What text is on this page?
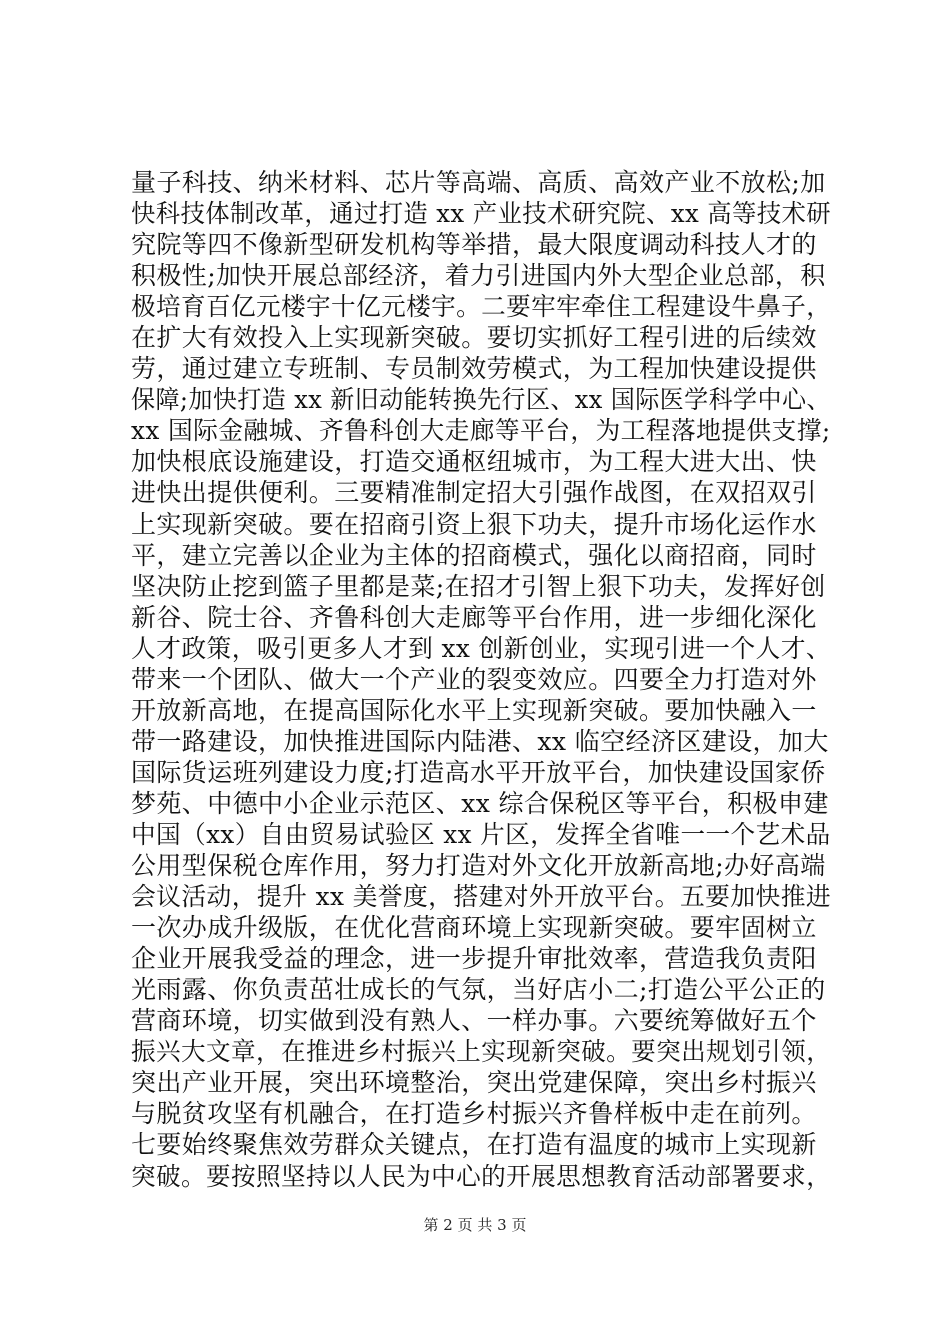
量子科技、纳米材料、芯片等高端、高质、高效产业不放松;加
快科技体制改革，通过打造 xx 产业技术研究院、xx 高等技术研
究院等四不像新型研发机构等举措，最大限度调动科技人才的
积极性;加快开展总部经济，着力引进国内外大型企业总部，积
极培育百亿元楼宇十亿元楼宇。二要牢牢牵住工程建设牛鼻子，
在扩大有效投入上实现新突破。要切实抓好工程引进的后续效
劳，通过建立专班制、专员制效劳模式，为工程加快建设提供
保障;加快打造 xx 新旧动能转换先行区、xx 国际医学科学中心、
xx 国际金融城、齐鲁科创大走廊等平台，为工程落地提供支撑;
加快根底设施建设，打造交通枢纽城市，为工程大进大出、快
进快出提供便利。三要精准制定招大引强作战图，在双招双引
上实现新突破。要在招商引资上狠下功夫，提升市场化运作水
平，建立完善以企业为主体的招商模式，强化以商招商，同时
坚决防止挖到篮子里都是菜;在招才引智上狠下功夫，发挥好创
新谷、院士谷、齐鲁科创大走廊等平台作用，进一步细化深化
人才政策，吸引更多人才到 xx 创新创业，实现引进一个人才、
带来一个团队、做大一个产业的裂变效应。四要全力打造对外
开放新高地，在提高国际化水平上实现新突破。要加快融入一
带一路建设，加快推进国际内陆港、xx 临空经济区建设，加大
国际货运班列建设力度;打造高水平开放平台，加快建设国家侨
梦苑、中德中小企业示范区、xx 综合保税区等平台，积极申建
中国（xx）自由贸易试验区 xx 片区，发挥全省唯一一个艺术品
公用型保税仓库作用，努力打造对外文化开放新高地;办好高端
会议活动，提升 xx 美誉度，搭建对外开放平台。五要加快推进
一次办成升级版，在优化营商环境上实现新突破。要牢固树立
企业开展我受益的理念，进一步提升审批效率，营造我负责阳
光雨露、你负责茁壮成长的气氛，当好店小二;打造公平公正的
营商环境，切实做到没有熟人、一样办事。六要统筹做好五个
振兴大文章，在推进乡村振兴上实现新突破。要突出规划引领，
突出产业开展，突出环境整治，突出党建保障，突出乡村振兴
与脱贫攻坚有机融合，在打造乡村振兴齐鲁样板中走在前列。
七要始终聚焦效劳群众关键点，在打造有温度的城市上实现新
突破。要按照坚持以人民为中心的开展思想教育活动部署要求，
第 2 页 共 3 页
